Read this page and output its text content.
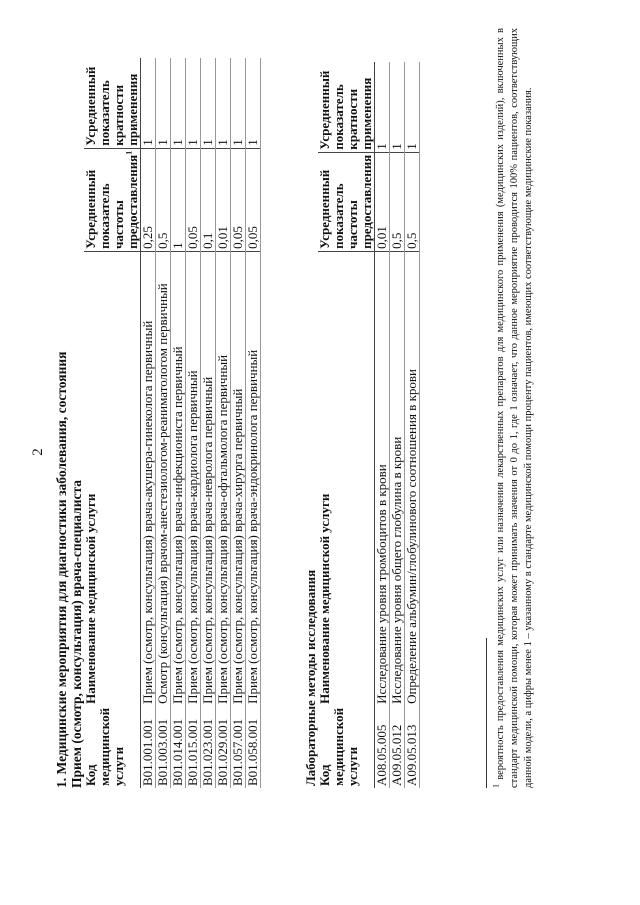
2 1. Медицинские мероприятия для диагностики заболевания, состояния Прием (осмотр, консультация) врача-специалиста Код медицинской услуги	Наименование медицинской услуги	Усредненный показатель частоты предоставления$^1$	Усредненный показатель кратности применения
B01.001.001	Прием (осмотр, консультация) врача-акушера-гинеколога первичный	0,25	1
B01.003.001	Осмотр (консультация) врачом-анестезиологом-реаниматологом первичный	0,5	1
B01.014.001	Прием (осмотр, консультация) врача-инфекциониста первичный	1	1
B01.015.001	Прием (осмотр, консультация) врача-кардиолога первичный	0,05	1
B01.023.001	Прием (осмотр, консультация) врача-невролога первичный	0,1	1
B01.029.001	Прием (осмотр, консультация) врача-офтальмолога первичный	0,01	1
B01.057.001	Прием (осмотр, консультация) врача-хирурга первичный	0,05	1
B01.058.001	Прием (осмотр, консультация) врача-эндокринолога первичный	0,05	1
Лабораторные методы исследования			
Код медицинской услуги	Наименование медицинской услуги	Усредненный показатель частоты предоставления	Усредненный показатель кратности применения
A08.05.005	Исследование уровня тромбоцитов в крови	0,01	1
A09.05.012	Исследование уровня общего глобулина в крови	0,5	1
A09.05.013	Определение альбумин/глобулинового соотношения в крови	0,5	1
$^1$ вероятность предоставления медицинских услуг или назначения лекарственных препаратов для медицинского применения (медицинских изделий), включенных в стандарт медицинской помощи, которая может принимать значения от 0 до 1, где 1 означает, что данное мероприятие проводится 100% пациентов, соответствующих данной модели, а цифры менее 1 – указанному в стандарте медицинской помощи проценту пациентов, имеющих соответствующие медицинские показания.
